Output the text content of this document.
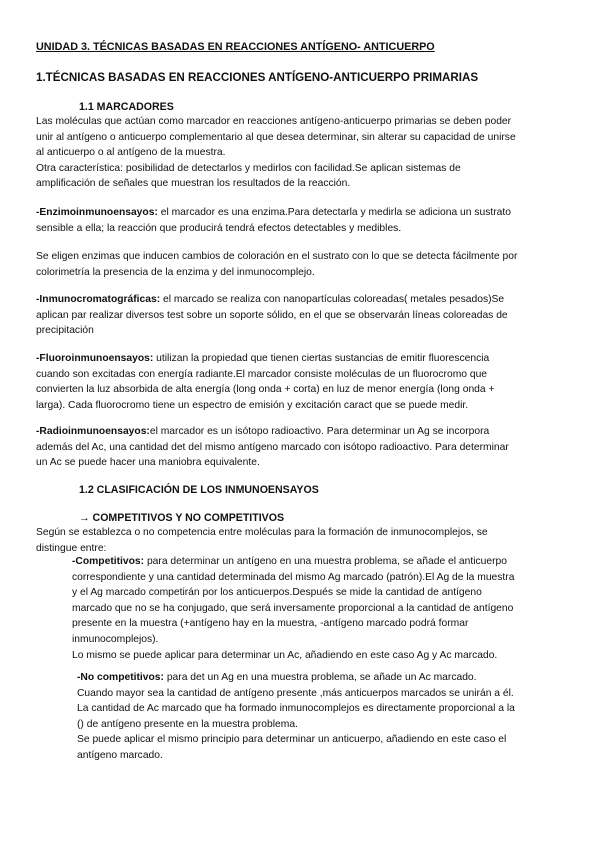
UNIDAD 3. TÉCNICAS BASADAS EN REACCIONES ANTÍGENO- ANTICUERPO
1.TÉCNICAS BASADAS EN REACCIONES ANTÍGENO-ANTICUERPO PRIMARIAS
1.1 MARCADORES

Las moléculas que actúan como marcador en reacciones antígeno-anticuerpo primarias se deben poder

unir al antígeno o anticuerpo complementario al que desea determinar, sin alterar su capacidad de unirse

al anticuerpo o al antígeno de la muestra.

Otra característica: posibilidad de detectarlos y medirlos con facilidad.Se aplican sistemas de

amplificación de señales que muestran los resultados de la reacción.

-Enzimoinmunoensayos: el marcador es una enzima.Para detectarla y medirla se adiciona un sustrato

sensible a ella; la reacción que producirá tendrá efectos detectables y medibles.

Se eligen enzimas que inducen cambios de coloración en el sustrato con lo que se detecta fácilmente por

colorimetría la presencia de la enzima y del inmunocomplejo.

-Inmunocromatográficas: el marcado se realiza con nanopartículas coloreadas( metales pesados)Se

aplican par realizar diversos test sobre un soporte sólido, en el que se observarán líneas coloreadas de

precipitación

-Fluoroinmunoensayos: utilizan la propiedad que tienen ciertas sustancias de emitir fluorescencia

cuando son excitadas con energía radiante.El marcador consiste moléculas de un fluorocromo que

convierten la luz absorbida de alta energía (long onda + corta) en luz de menor energía (long onda +

larga). Cada fluorocromo tiene un espectro de emisión y excitación caract que se puede medir.

-Radioinmunoensayos:el marcador es un isótopo radioactivo. Para determinar un Ag se incorpora

además del Ac, una cantidad det del mismo antígeno marcado con isótopo radioactivo. Para determinar

un Ac se puede hacer una maniobra equivalente.

1.2 CLASIFICACIÓN DE LOS INMUNOENSAYOS
→ COMPETITIVOS Y NO COMPETITIVOS

Según se establezca o no competencia entre moléculas para la formación de inmunocomplejos, se

distingue entre:

-Competitivos: para determinar un antígeno en una muestra problema, se añade el anticuerpo

correspondiente y una cantidad determinada del mismo Ag marcado (patrón).El Ag de la muestra

y el Ag marcado competirán por los anticuerpos.Después se mide la cantidad de antígeno

marcado que no se ha conjugado, que será inversamente proporcional a la cantidad de antígeno

presente en la muestra (+antígeno hay en la muestra, -antígeno marcado podrá formar

inmunocomplejos).

Lo mismo se puede aplicar para determinar un Ac, añadiendo en este caso Ag y Ac marcado.

-No competitivos: para det un Ag en una muestra problema, se añade un Ac marcado.

Cuando mayor sea la cantidad de antígeno presente ,más anticuerpos marcados se unirán a él.

La cantidad de Ac marcado que ha formado inmunocomplejos es directamente proporcional a la

() de antígeno presente en la muestra problema.

Se puede aplicar el mismo principio para determinar un anticuerpo, añadiendo en este caso el

antígeno marcado.
